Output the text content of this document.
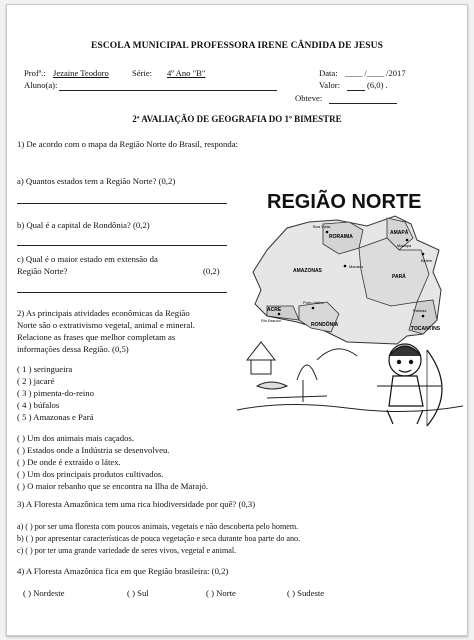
ESCOLA MUNICIPAL PROFESSORA IRENE CÂNDIDA DE JESUS
Profª.: Jezaine Teodoro	Série: 4º Ano "B"	Data: ____ /____ /2017
Aluno(a):	Valor:	(6,0) .
Obteve:
2ª AVALIAÇÃO DE GEOGRAFIA DO 1º BIMESTRE
1) De acordo com o mapa da Região Norte do Brasil, responda:
a) Quantos estados tem a Região Norte? (0,2)
b) Qual é a capital de Rondônia? (0,2)
c) Qual é o maior estado em extensão da
Região Norte?	(0,2)
2) As principais atividades econômicas da Região
Norte são o extrativismo vegetal, animal e mineral.
Relacione as frases que melhor completam as
informações dessa Região. (0,5)
( 1 ) seringueira
( 2 ) jacaré
( 3 ) pimenta-do-reino
( 4 ) búfalos
( 5 ) Amazonas e Pará
( ) Um dos animais mais caçados.
( ) Estados onde a Indústria se desenvolveu.
( ) De onde é extraído o látex.
( ) Um dos principais produtos cultivados.
( ) O maior rebanho que se encontra na Ilha de Marajó.
3) A Floresta Amazônica tem uma rica biodiversidade por quê? (0,3)
a) ( ) por ser uma floresta com poucos animais, vegetais e não descoberta pelo homem.
b) ( ) por apresentar características de pouca vegetação e seca durante boa parte do ano.
c) ( ) por ter uma grande variedade de seres vivos, vegetal e animal.
4) A Floresta Amazônica fica em que Região brasileira: (0,2)
( ) Nordeste	( ) Sul	( ) Norte	( ) Sudeste
REGIÃO NORTE
RORAIMA
AMAPÁ
AMAZONAS
PARÁ
ACRE
RONDÔNIA
TOCANTINS
Boa Vista
Macapá
Manaus
Belém
Rio Branco
Porto Velho
Palmas
